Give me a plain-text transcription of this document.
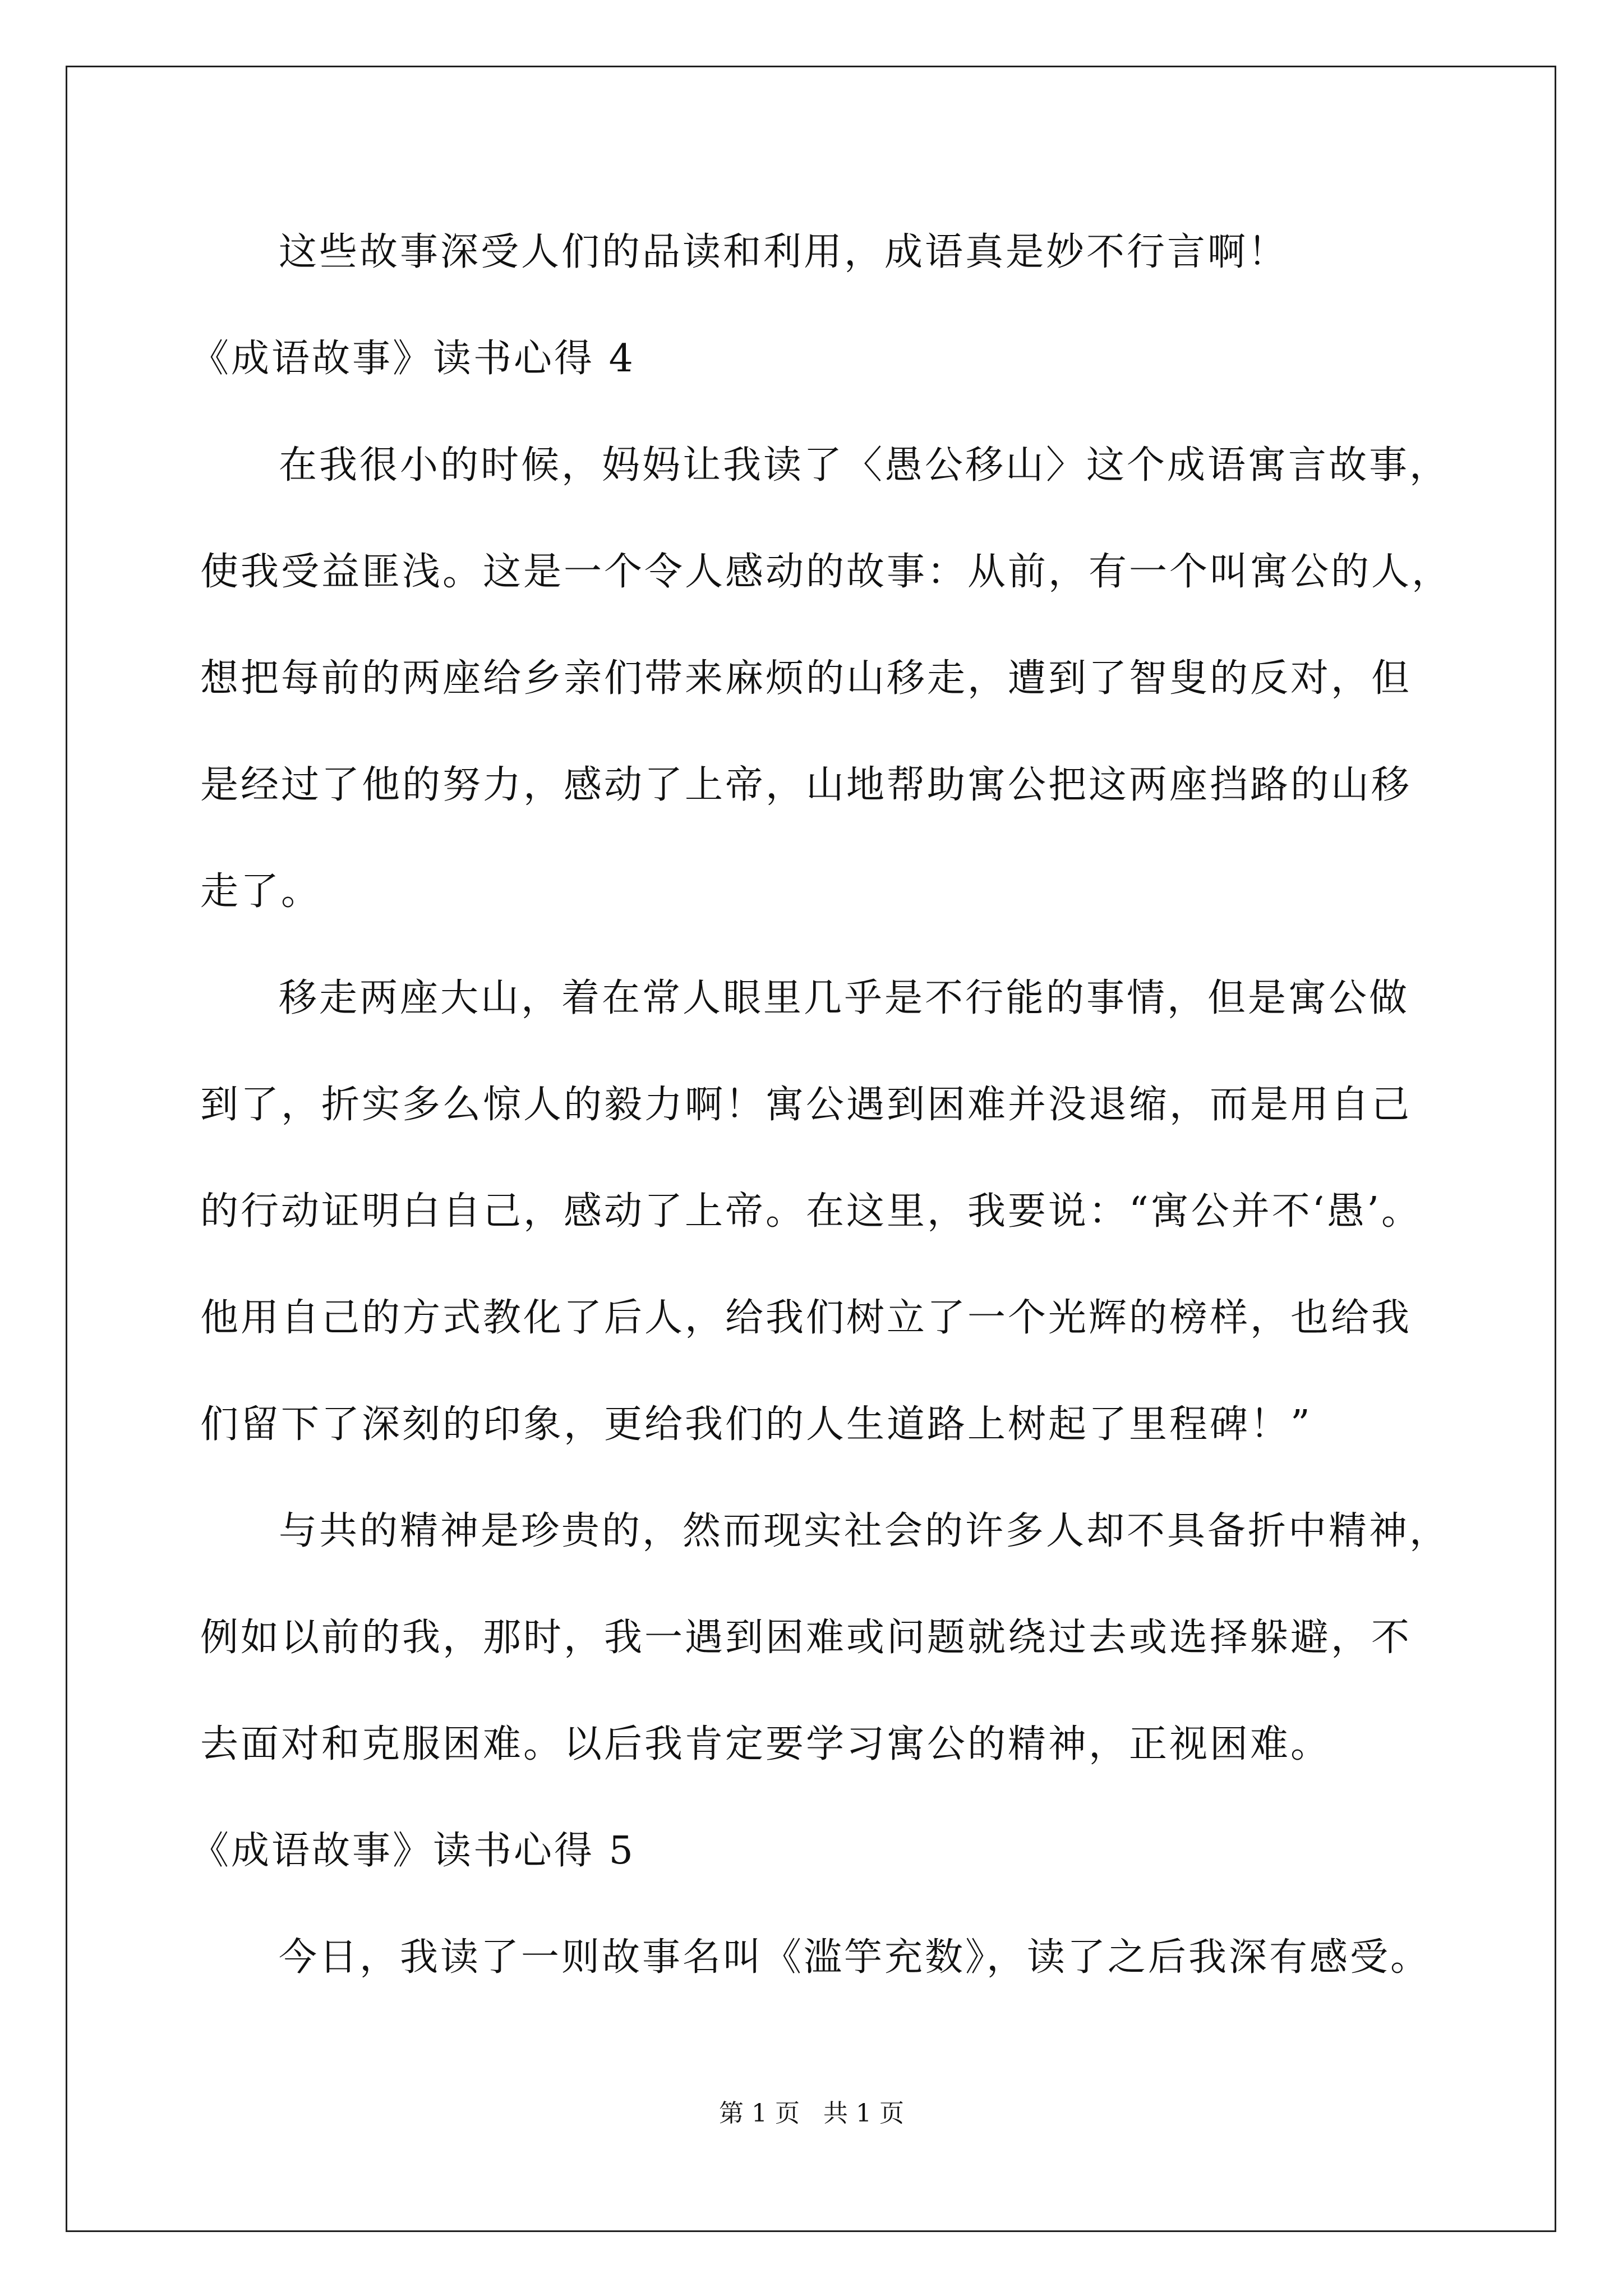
这些故事深受人们的品读和利用，成语真是妙不行言啊！
《成语故事》读书心得 4
在我很小的时候，妈妈让我读了〈愚公移山〉这个成语寓言故事，
使我受益匪浅。这是一个令人感动的故事：从前，有一个叫寓公的人，
想把每前的两座给乡亲们带来麻烦的山移走，遭到了智叟的反对，但
是经过了他的努力，感动了上帝，山地帮助寓公把这两座挡路的山移
走了。
移走两座大山，着在常人眼里几乎是不行能的事情，但是寓公做
到了，折实多么惊人的毅力啊！寓公遇到困难并没退缩，而是用自己
的行动证明白自己，感动了上帝。在这里，我要说：“寓公并不‘愚’。
他用自己的方式教化了后人，给我们树立了一个光辉的榜样，也给我
们留下了深刻的印象，更给我们的人生道路上树起了里程碑！”
与共的精神是珍贵的，然而现实社会的许多人却不具备折中精神，
例如以前的我，那时，我一遇到困难或问题就绕过去或选择躲避，不
去面对和克服困难。以后我肯定要学习寓公的精神，正视困难。
《成语故事》读书心得 5
今日，我读了一则故事名叫《滥竽充数》，读了之后我深有感受。
第 1 页   共 1 页
